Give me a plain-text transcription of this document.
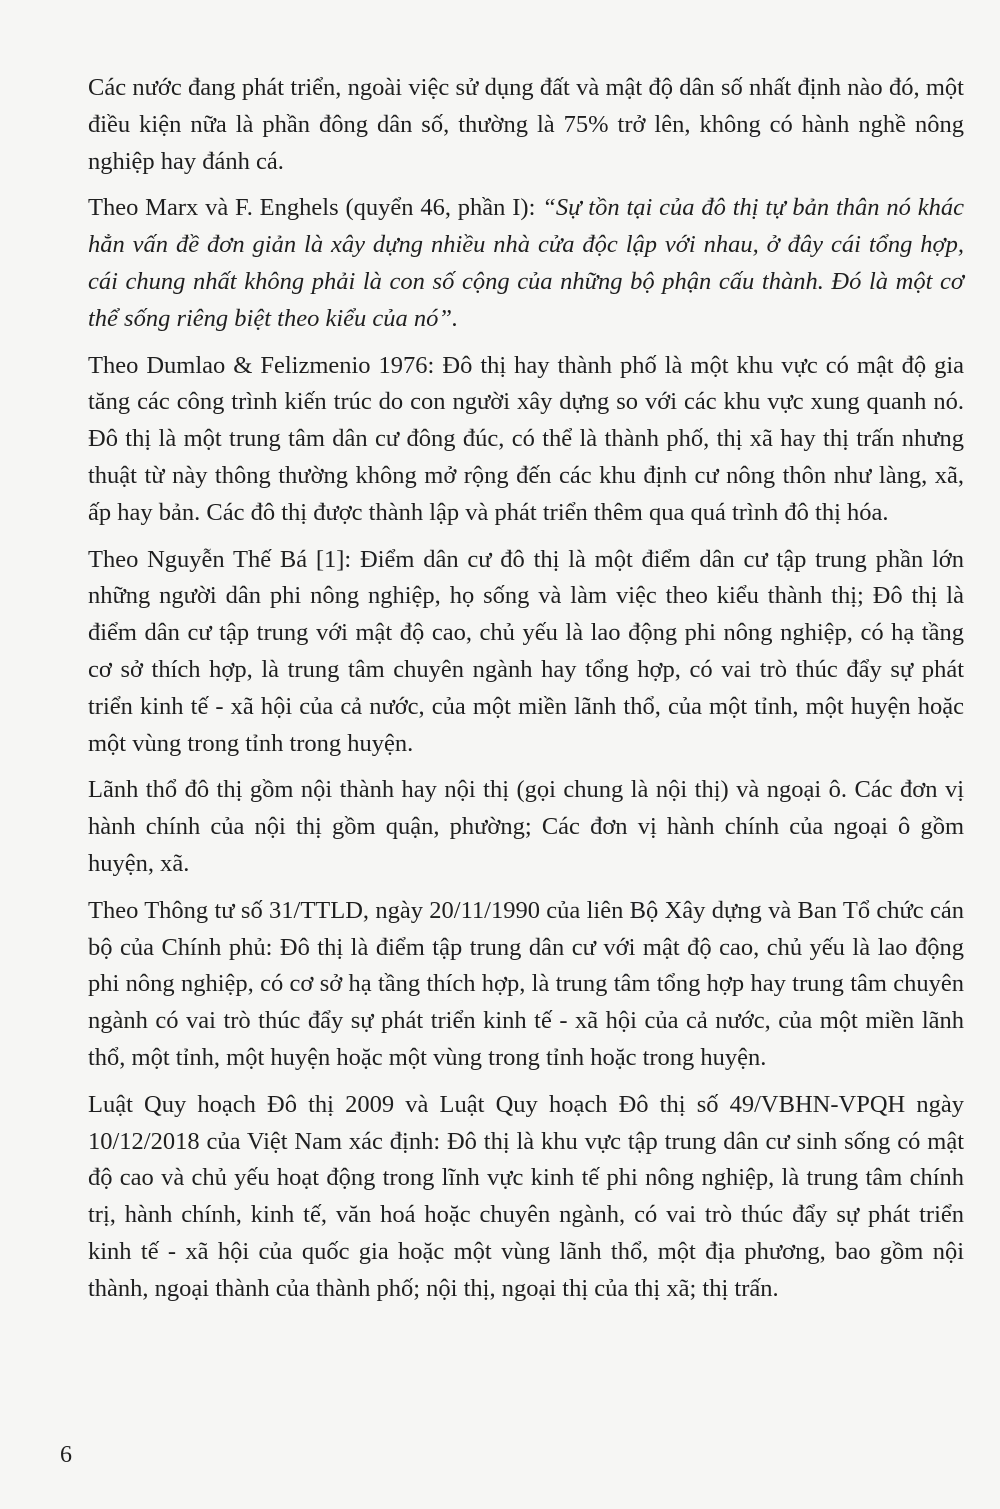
Các nước đang phát triển, ngoài việc sử dụng đất và mật độ dân số nhất định nào đó, một điều kiện nữa là phần đông dân số, thường là 75% trở lên, không có hành nghề nông nghiệp hay đánh cá.

Theo Marx và F. Enghels (quyển 46, phần I): “Sự tồn tại của đô thị tự bản thân nó khác hẳn vấn đề đơn giản là xây dựng nhiều nhà cửa độc lập với nhau, ở đây cái tổng hợp, cái chung nhất không phải là con số cộng của những bộ phận cấu thành. Đó là một cơ thể sống riêng biệt theo kiểu của nó”.

Theo Dumlao & Felizmenio 1976: Đô thị hay thành phố là một khu vực có mật độ gia tăng các công trình kiến trúc do con người xây dựng so với các khu vực xung quanh nó. Đô thị là một trung tâm dân cư đông đúc, có thể là thành phố, thị xã hay thị trấn nhưng thuật từ này thông thường không mở rộng đến các khu định cư nông thôn như làng, xã, ấp hay bản. Các đô thị được thành lập và phát triển thêm qua quá trình đô thị hóa.

Theo Nguyễn Thế Bá [1]: Điểm dân cư đô thị là một điểm dân cư tập trung phần lớn những người dân phi nông nghiệp, họ sống và làm việc theo kiểu thành thị; Đô thị là điểm dân cư tập trung với mật độ cao, chủ yếu là lao động phi nông nghiệp, có hạ tầng cơ sở thích hợp, là trung tâm chuyên ngành hay tổng hợp, có vai trò thúc đẩy sự phát triển kinh tế - xã hội của cả nước, của một miền lãnh thổ, của một tỉnh, một huyện hoặc một vùng trong tỉnh trong huyện.

Lãnh thổ đô thị gồm nội thành hay nội thị (gọi chung là nội thị) và ngoại ô. Các đơn vị hành chính của nội thị gồm quận, phường; Các đơn vị hành chính của ngoại ô gồm huyện, xã.

Theo Thông tư số 31/TTLD, ngày 20/11/1990 của liên Bộ Xây dựng và Ban Tổ chức cán bộ của Chính phủ: Đô thị là điểm tập trung dân cư với mật độ cao, chủ yếu là lao động phi nông nghiệp, có cơ sở hạ tầng thích hợp, là trung tâm tổng hợp hay trung tâm chuyên ngành có vai trò thúc đẩy sự phát triển kinh tế - xã hội của cả nước, của một miền lãnh thổ, một tỉnh, một huyện hoặc một vùng trong tỉnh hoặc trong huyện.

Luật Quy hoạch Đô thị 2009 và Luật Quy hoạch Đô thị số 49/VBHN-VPQH ngày 10/12/2018 của Việt Nam xác định: Đô thị là khu vực tập trung dân cư sinh sống có mật độ cao và chủ yếu hoạt động trong lĩnh vực kinh tế phi nông nghiệp, là trung tâm chính trị, hành chính, kinh tế, văn hoá hoặc chuyên ngành, có vai trò thúc đẩy sự phát triển kinh tế - xã hội của quốc gia hoặc một vùng lãnh thổ, một địa phương, bao gồm nội thành, ngoại thành của thành phố; nội thị, ngoại thị của thị xã; thị trấn.

6
